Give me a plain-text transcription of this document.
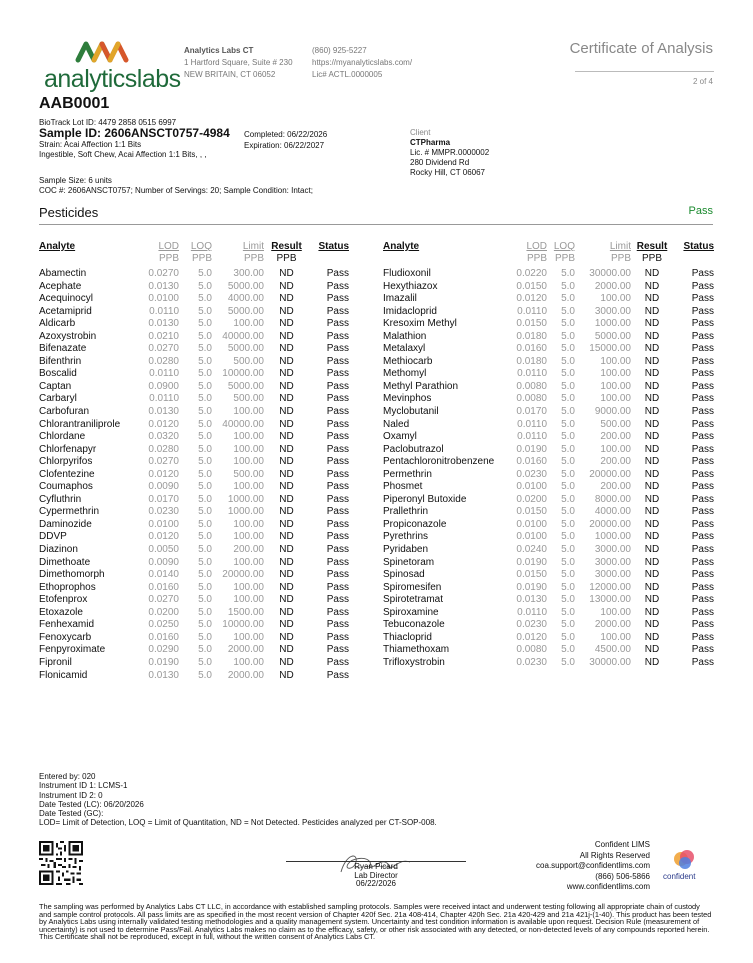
analyticslabs
Analytics Labs CT
1 Hartford Square, Suite # 230
NEW BRITAIN, CT 06052
(860) 925-5227
https://myanalyticslabs.com/
Lic# ACTL.0000005
Certificate of Analysis
2 of 4
AAB0001
BioTrack Lot ID: 4479 2858 0515 6997
Sample ID: 2606ANSCT0757-4984
Strain: Acai Affection 1:1 Bits
Ingestible, Soft Chew, Acai Affection 1:1 Bits, , ,
Completed: 06/22/2026
Expiration: 06/22/2027
Client
CTPharma
Lic. # MMPR.0000002
280 Dividend Rd
Rocky Hill, CT 06067
Sample Size: 6 units
COC #: 2606ANSCT0757; Number of Servings: 20; Sample Condition: Intact;
Pesticides	Pass
Analyte	LOD	LOQ	Limit	Result	Status
	PPB	PPB	PPB	PPB	

Abamectin	0.0270	5.0	300.00	ND	Pass
Acephate	0.0130	5.0	5000.00	ND	Pass
Acequinocyl	0.0100	5.0	4000.00	ND	Pass
Acetamiprid	0.0110	5.0	5000.00	ND	Pass
Aldicarb	0.0130	5.0	100.00	ND	Pass
Azoxystrobin	0.0210	5.0	40000.00	ND	Pass
Bifenazate	0.0270	5.0	5000.00	ND	Pass
Bifenthrin	0.0280	5.0	500.00	ND	Pass
Boscalid	0.0110	5.0	10000.00	ND	Pass
Captan	0.0900	5.0	5000.00	ND	Pass
Carbaryl	0.0110	5.0	500.00	ND	Pass
Carbofuran	0.0130	5.0	100.00	ND	Pass
Chlorantraniliprole	0.0120	5.0	40000.00	ND	Pass
Chlordane	0.0320	5.0	100.00	ND	Pass
Chlorfenapyr	0.0280	5.0	100.00	ND	Pass
Chlorpyrifos	0.0270	5.0	100.00	ND	Pass
Clofentezine	0.0120	5.0	500.00	ND	Pass
Coumaphos	0.0090	5.0	100.00	ND	Pass
Cyfluthrin	0.0170	5.0	1000.00	ND	Pass
Cypermethrin	0.0230	5.0	1000.00	ND	Pass
Daminozide	0.0100	5.0	100.00	ND	Pass
DDVP	0.0120	5.0	100.00	ND	Pass
Diazinon	0.0050	5.0	200.00	ND	Pass
Dimethoate	0.0090	5.0	100.00	ND	Pass
Dimethomorph	0.0140	5.0	20000.00	ND	Pass
Ethoprophos	0.0160	5.0	100.00	ND	Pass
Etofenprox	0.0270	5.0	100.00	ND	Pass
Etoxazole	0.0200	5.0	1500.00	ND	Pass
Fenhexamid	0.0250	5.0	10000.00	ND	Pass
Fenoxycarb	0.0160	5.0	100.00	ND	Pass
Fenpyroximate	0.0290	5.0	2000.00	ND	Pass
Fipronil	0.0190	5.0	100.00	ND	Pass
Flonicamid	0.0130	5.0	2000.00	ND	Pass
Analyte	LOD	LOQ	Limit	Result	Status
	PPB	PPB	PPB	PPB	

Fludioxonil	0.0220	5.0	30000.00	ND	Pass
Hexythiazox	0.0150	5.0	2000.00	ND	Pass
Imazalil	0.0120	5.0	100.00	ND	Pass
Imidacloprid	0.0110	5.0	3000.00	ND	Pass
Kresoxim Methyl	0.0150	5.0	1000.00	ND	Pass
Malathion	0.0180	5.0	5000.00	ND	Pass
Metalaxyl	0.0160	5.0	15000.00	ND	Pass
Methiocarb	0.0180	5.0	100.00	ND	Pass
Methomyl	0.0110	5.0	100.00	ND	Pass
Methyl Parathion	0.0080	5.0	100.00	ND	Pass
Mevinphos	0.0080	5.0	100.00	ND	Pass
Myclobutanil	0.0170	5.0	9000.00	ND	Pass
Naled	0.0110	5.0	500.00	ND	Pass
Oxamyl	0.0110	5.0	200.00	ND	Pass
Paclobutrazol	0.0190	5.0	100.00	ND	Pass
Pentachloronitrobenzene	0.0160	5.0	200.00	ND	Pass
Permethrin	0.0230	5.0	20000.00	ND	Pass
Phosmet	0.0100	5.0	200.00	ND	Pass
Piperonyl Butoxide	0.0200	5.0	8000.00	ND	Pass
Prallethrin	0.0150	5.0	4000.00	ND	Pass
Propiconazole	0.0100	5.0	20000.00	ND	Pass
Pyrethrins	0.0100	5.0	1000.00	ND	Pass
Pyridaben	0.0240	5.0	3000.00	ND	Pass
Spinetoram	0.0190	5.0	3000.00	ND	Pass
Spinosad	0.0150	5.0	3000.00	ND	Pass
Spiromesifen	0.0190	5.0	12000.00	ND	Pass
Spirotetramat	0.0130	5.0	13000.00	ND	Pass
Spiroxamine	0.0110	5.0	100.00	ND	Pass
Tebuconazole	0.0230	5.0	2000.00	ND	Pass
Thiacloprid	0.0120	5.0	100.00	ND	Pass
Thiamethoxam	0.0080	5.0	4500.00	ND	Pass
Trifloxystrobin	0.0230	5.0	30000.00	ND	Pass
Entered by: 020
Instrument ID 1: LCMS-1
Instrument ID 2: 0
Date Tested (LC): 06/20/2026
Date Tested (GC):
LOD= Limit of Detection, LOQ = Limit of Quantitation, ND = Not Detected. Pesticides analyzed per CT-SOP-008.
Ryan Picard
Lab Director
06/22/2026
Confident LIMS
All Rights Reserved
coa.support@confidentlims.com
(866) 506-5866
www.confidentlims.com
confident
The sampling was performed by Analytics Labs CT LLC, in accordance with established sampling protocols. Samples were received intact and underwent testing following all appropriate chain of custody and sample control protocols. All pass limits are as specified in the most recent version of Chapter 420f Sec. 21a 408-414, Chapter 420h Sec. 21a 420-429 and 21a 421j-(1-40). This product has been tested by Analytics Labs using internally validated testing methodologies and a quality management system. Uncertainty and test condition information is available upon request. Decision Rule (measurement of uncertainty) is not used to determine Pass/Fail. Analytics Labs makes no claim as to the efficacy, safety, or other risk associated with any detected, or non-detected levels of any compounds reported herein. This Certificate shall not be reproduced, except in full, without the written consent of Analytics Labs CT.
